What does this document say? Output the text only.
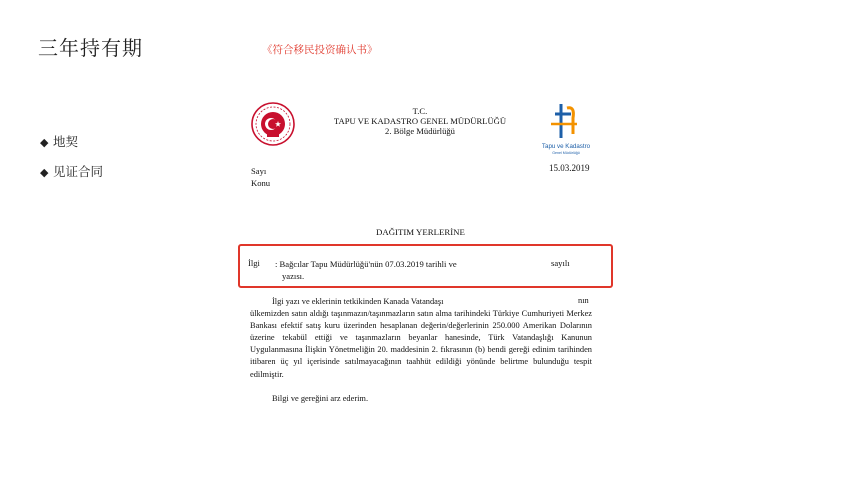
三年持有期	《符合移民投资确认书》
◆ 地契
◆ 见证合同
T.C.
TAPU VE KADASTRO GENEL MÜDÜRLÜĞÜ
2. Bölge Müdürlüğü
Tapu ve Kadastro
Genel Müdürlüğü
Sayı
Konu
15.03.2019
DAĞITIM YERLERİNE
İlgi : Bağcılar Tapu Müdürlüğü'nün 07.03.2019 tarihli ve
yazısı.
sayılı
İlgi yazı ve eklerinin tetkikinden Kanada Vatandaşı
ülkemizden satın aldığı taşınmazın/taşınmazların satın alma tarihindeki Türkiye Cumhuriyeti Merkez Bankası efektif satış kuru üzerinden hesaplanan değerin/değerlerinin 250.000 Amerikan Dolarının üzerine tekabül ettiği ve taşınmazların beyanlar hanesinde, Türk Vatandaşlığı Kanunun Uygulanmasına İlişkin Yönetmeliğin 20. maddesinin 2. fıkrasının (b) bendi gereği edinim tarihinden itibaren üç yıl içerisinde satılmayacağının taahhüt edildiği yönünde belirtme bulunduğu tespit edilmiştir.
nın
Bilgi ve gereğini arz ederim.
